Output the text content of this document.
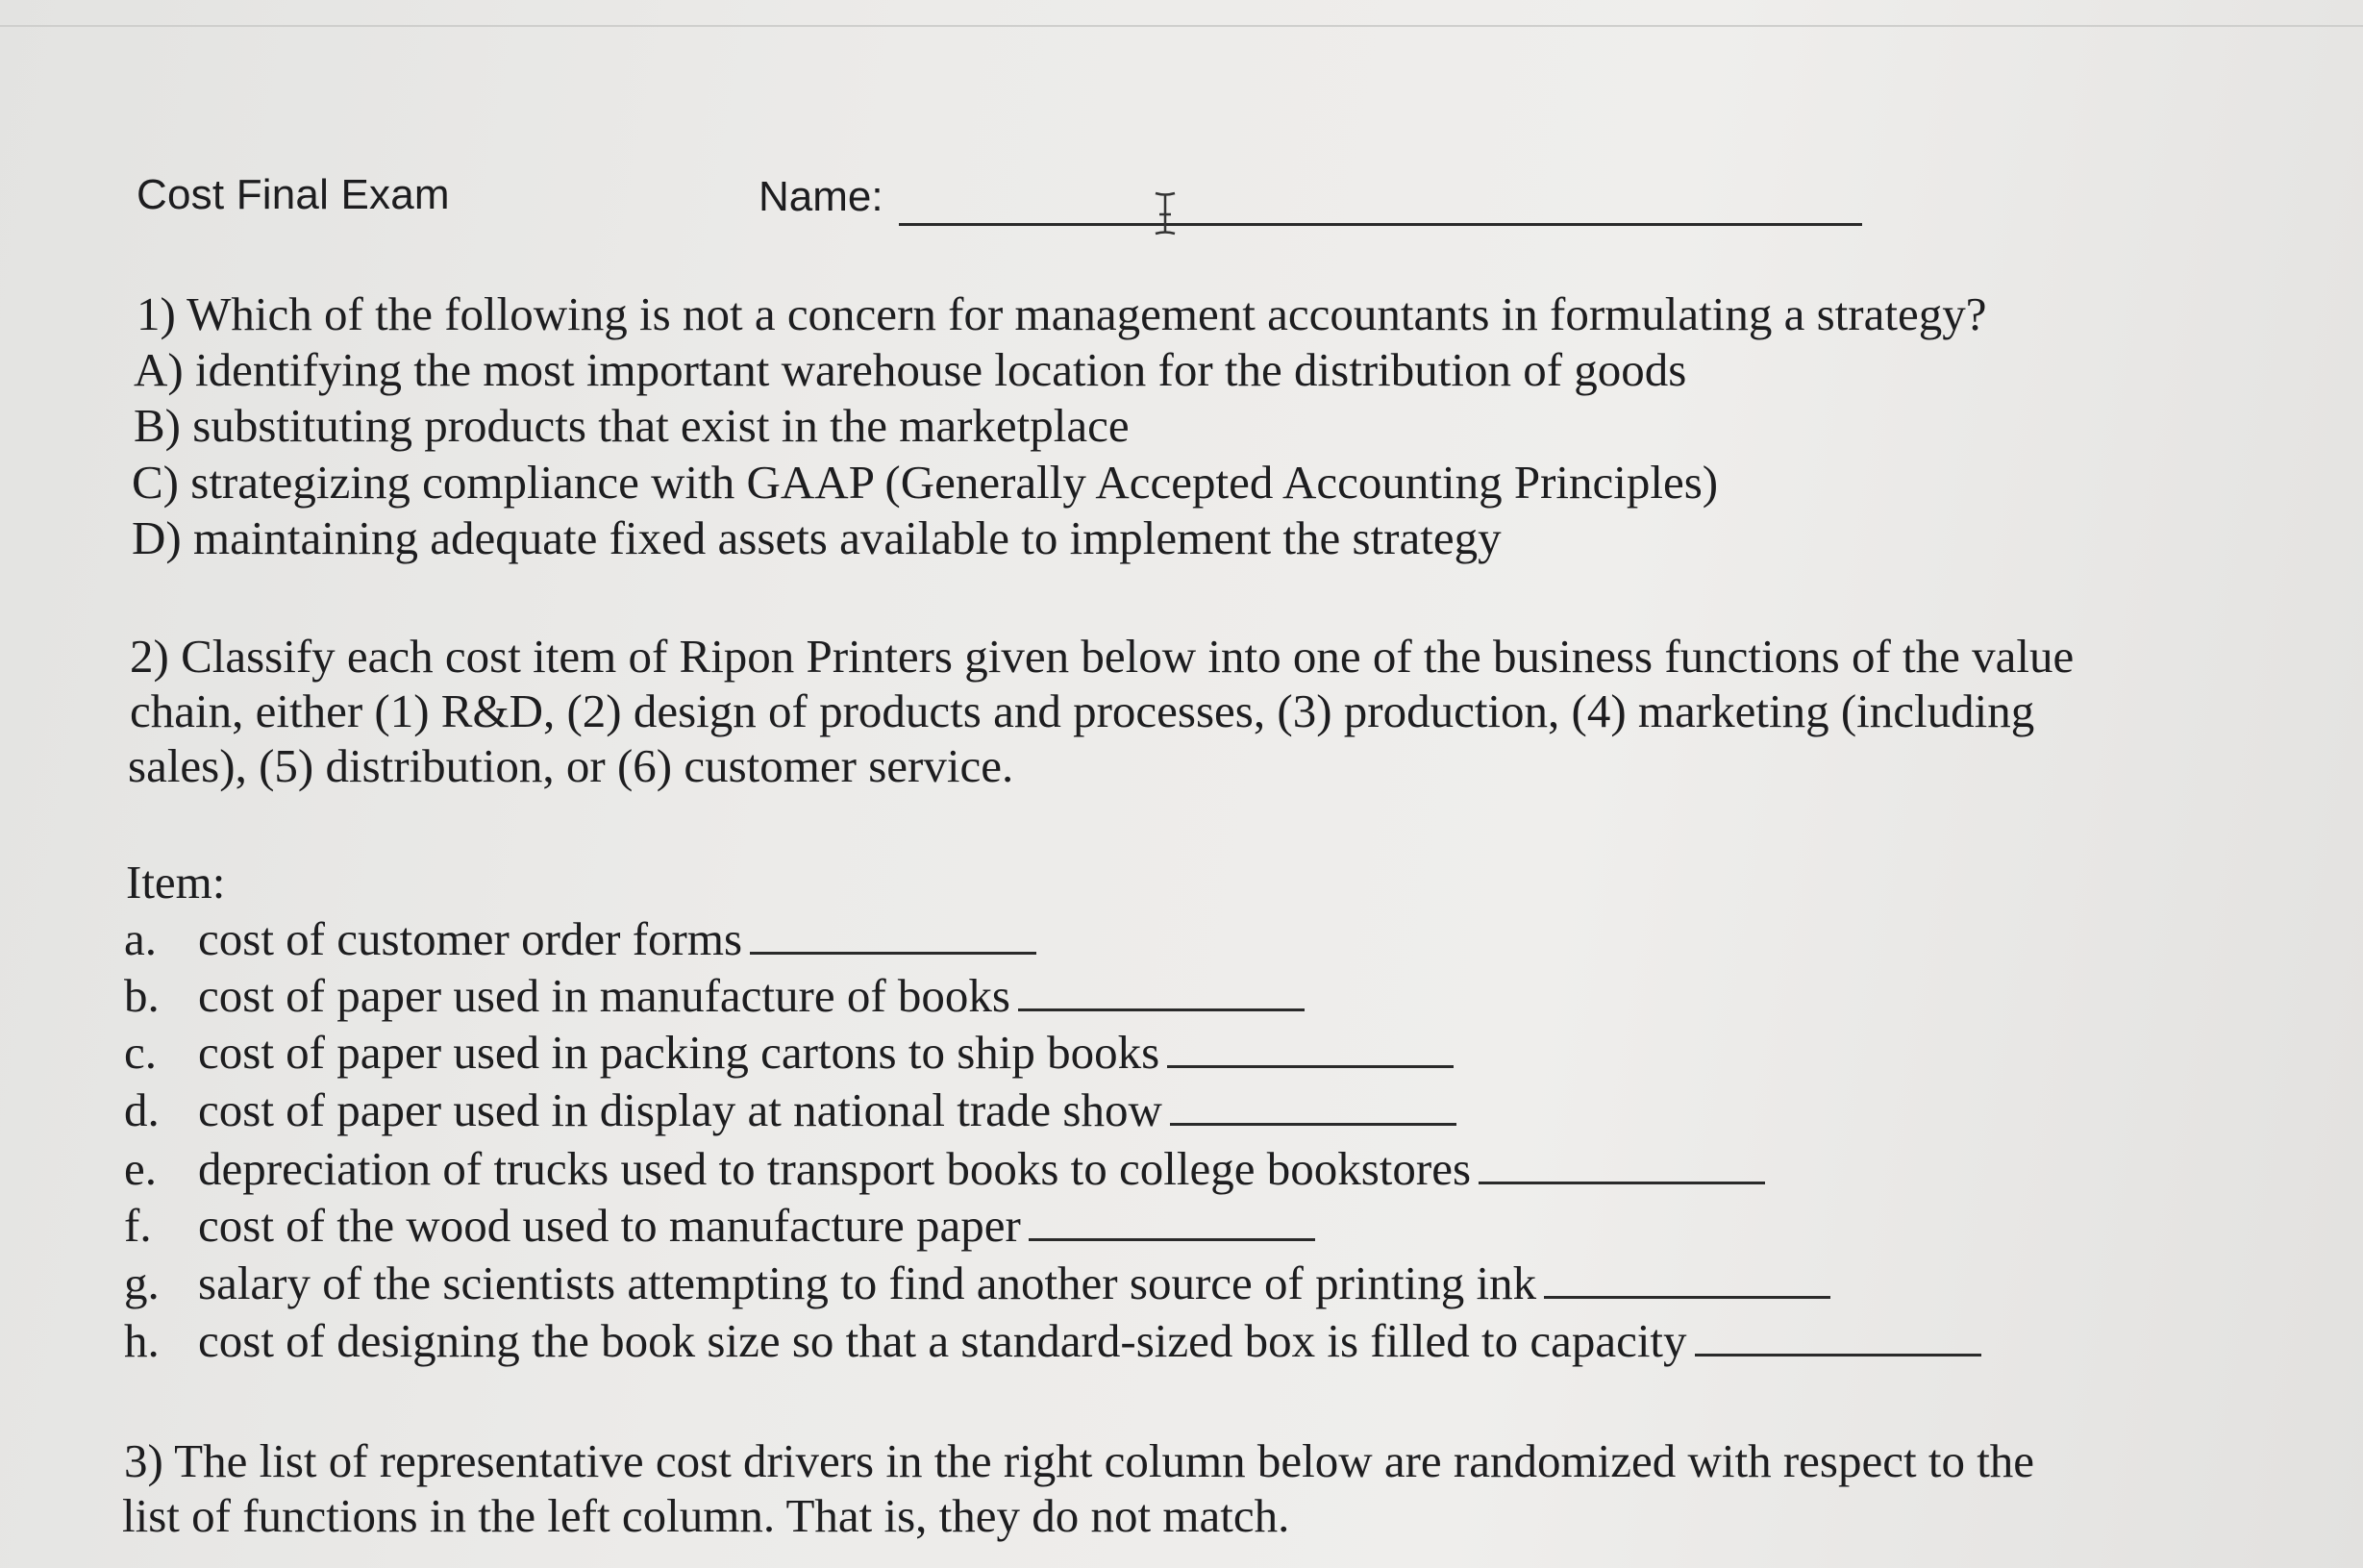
Cost Final Exam	Name:
1) Which of the following is not a concern for management accountants in formulating a strategy?
A) identifying the most important warehouse location for the distribution of goods
B) substituting products that exist in the marketplace
C) strategizing compliance with GAAP (Generally Accepted Accounting Principles)
D) maintaining adequate fixed assets available to implement the strategy
2) Classify each cost item of Ripon Printers given below into one of the business functions of the value
chain, either (1) R&D, (2) design of products and processes, (3) production, (4) marketing (including
sales), (5) distribution, or (6) customer service.
Item:
a. cost of customer order forms
b. cost of paper used in manufacture of books
c. cost of paper used in packing cartons to ship books
d. cost of paper used in display at national trade show
e. depreciation of trucks used to transport books to college bookstores
f. cost of the wood used to manufacture paper
g. salary of the scientists attempting to find another source of printing ink
h. cost of designing the book size so that a standard-sized box is filled to capacity
3) The list of representative cost drivers in the right column below are randomized with respect to the
list of functions in the left column. That is, they do not match.
